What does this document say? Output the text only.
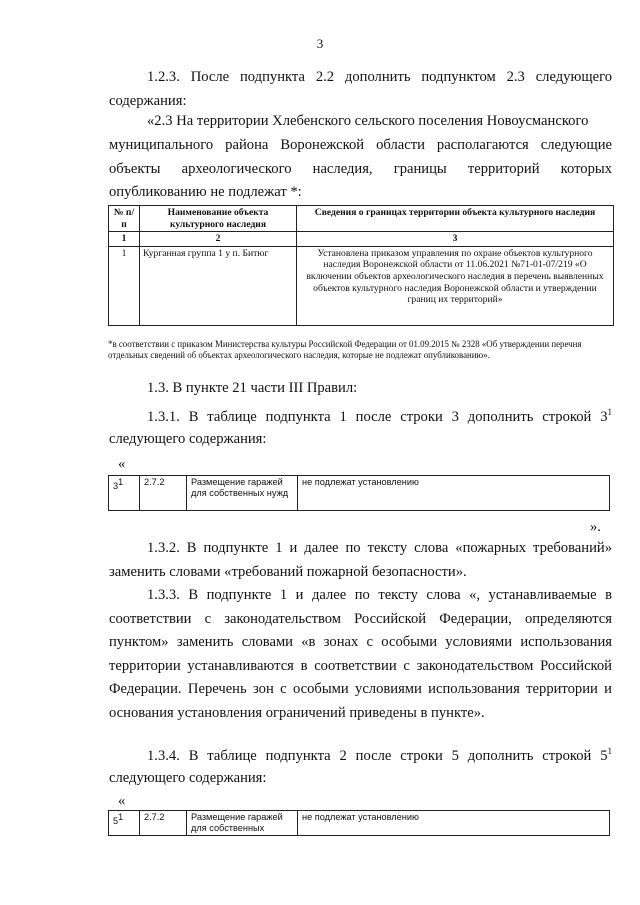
3
1.2.3. После подпункта 2.2 дополнить подпунктом 2.3 следующего содержания:
«2.3 На территории Хлебенского сельского поселения Новоусманского
муниципального района Воронежской области располагаются следующие
объекты археологического наследия, границы территорий которых
опубликованию не подлежат *:
№ п/п	Наименование объекта культурного наследия	Сведения о границах территории объекта культурного наследия
1	2	3
1	Курганная группа 1 у п. Битюг	Установлена приказом управления по охране объектов культурного наследия Воронежской области от 11.06.2021 №71-01-07/219 «О включении объектов археологического наследия в перечень выявленных объектов культурного наследия Воронежской области и утверждении границ их территорий»
*в соответствии с приказом Министерства культуры Российской Федерации от 01.09.2015 № 2328 «Об утверждении перечня отдельных сведений об объектах археологического наследия, которые не подлежат опубликованию».
1.3. В пункте 21 части III Правил:
1.3.1. В таблице подпункта 1 после строки 3 дополнить строкой $3^1$
следующего содержания:
«
$3^1$	2.7.2	Размещение гаражей для собственных нужд	не подлежат установлению
».
1.3.2. В подпункте 1 и далее по тексту слова «пожарных требований» заменить словами «требований пожарной безопасности».
1.3.3. В подпункте 1 и далее по тексту слова «, устанавливаемые в соответствии с законодательством Российской Федерации, определяются пунктом» заменить словами «в зонах с особыми условиями использования территории устанавливаются в соответствии с законодательством Российской Федерации. Перечень зон с особыми условиями использования территории и основания установления ограничений приведены в пункте».
1.3.4. В таблице подпункта 2 после строки 5 дополнить строкой $5^1$
следующего содержания:
«
$5^1$	2.7.2	Размещение гаражей для собственных	не подлежат установлению
